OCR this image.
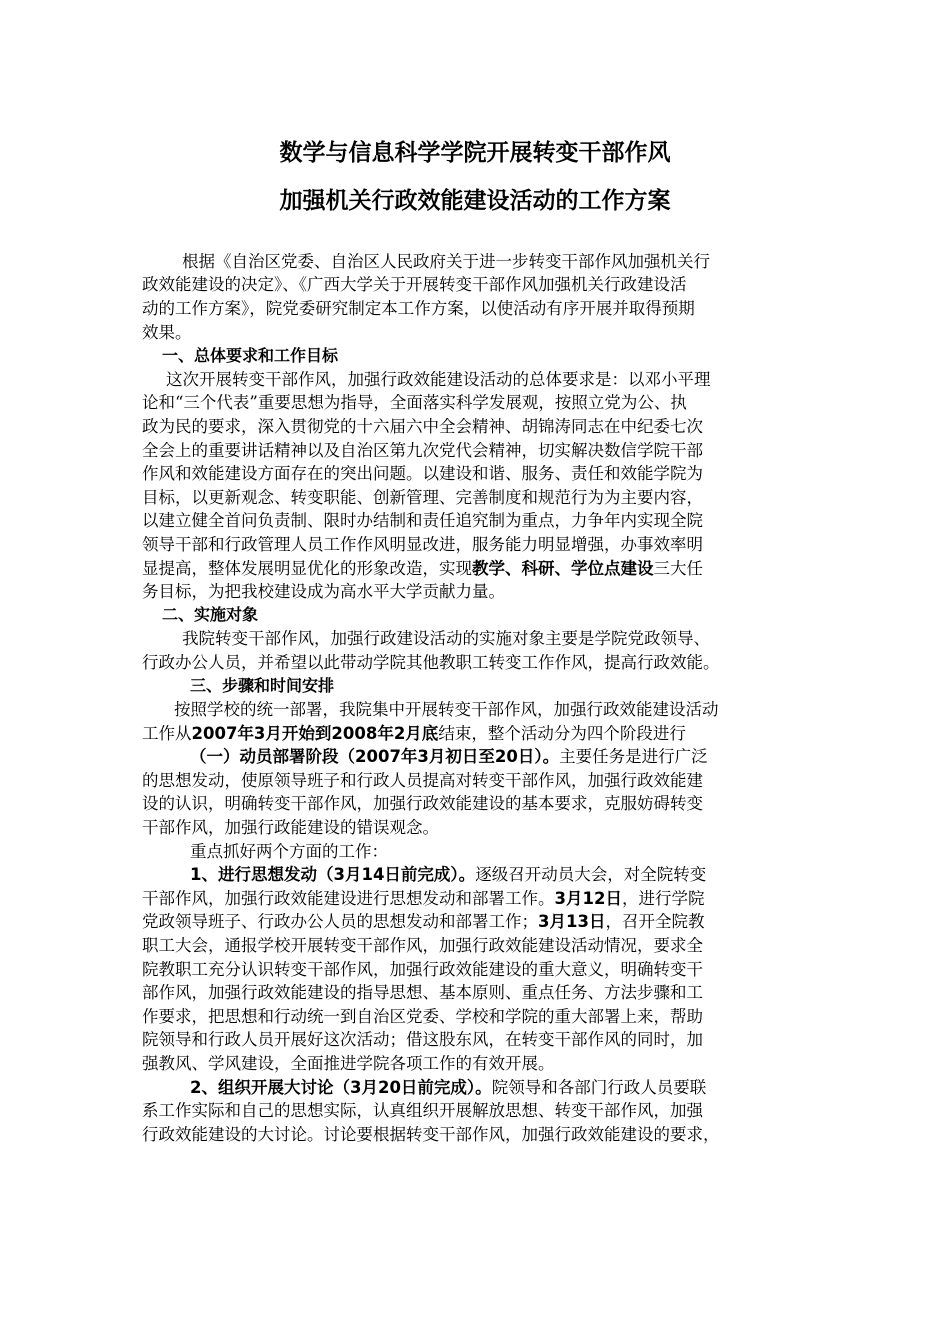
数学与信息科学学院开展转变干部作风
加强机关行政效能建设活动的工作方案
根据《自治区党委、自治区人民政府关于进一步转变干部作风加强机关行
政效能建设的决定》、《广西大学关于开展转变干部作风加强机关行政建设活
动的工作方案》，院党委研究制定本工作方案，以使活动有序开展并取得预期
效果。
一、总体要求和工作目标
这次开展转变干部作风，加强行政效能建设活动的总体要求是：以邓小平理
论和“三个代表”重要思想为指导，全面落实科学发展观，按照立党为公、执
政为民的要求，深入贯彻党的十六届六中全会精神、胡锦涛同志在中纪委七次
全会上的重要讲话精神以及自治区第九次党代会精神，切实解决数信学院干部
作风和效能建设方面存在的突出问题。以建设和谐、服务、责任和效能学院为
目标，以更新观念、转变职能、创新管理、完善制度和规范行为为主要内容，
以建立健全首问负责制、限时办结制和责任追究制为重点，力争年内实现全院
领导干部和行政管理人员工作作风明显改进，服务能力明显增强，办事效率明
显提高，整体发展明显优化的形象改造，实现 教学、科研、学位点建设 三大任
务目标，为把我校建设成为高水平大学贡献力量。
二、实施对象
我院转变干部作风，加强行政建设活动的实施对象主要是学院党政领导、
行政办公人员，并希望以此带动学院其他教职工转变工作作风，提高行政效能。
三、步骤和时间安排
按照学校的统一部署，我院集中开展转变干部作风，加强行政效能建设活动
工作从 2007年3月开始到2008年2月底 结束，整个活动分为四个阶段进行
（一）动员部署阶段（2007年3月初日至20日）。 主要任务是进行广泛
的思想发动，使原领导班子和行政人员提高对转变干部作风，加强行政效能建
设的认识，明确转变干部作风，加强行政效能建设的基本要求，克服妨碍转变
干部作风，加强行政能建设的错误观念。
重点抓好两个方面的工作：
1、进行思想发动（3月14日前完成）。 逐级召开动员大会，对全院转变
干部作风，加强行政效能建设进行思想发动和部署工作。 3月12日 ，进行学院
党政领导班子、行政办公人员的思想发动和部署工作； 3月13日 ，召开全院教
职工大会，通报学校开展转变干部作风，加强行政效能建设活动情况，要求全
院教职工充分认识转变干部作风，加强行政效能建设的重大意义，明确转变干
部作风，加强行政效能建设的指导思想、基本原则、重点任务、方法步骤和工
作要求，把思想和行动统一到自治区党委、学校和学院的重大部署上来，帮助
院领导和行政人员开展好这次活动；借这股东风，在转变干部作风的同时，加
强教风、学风建设，全面推进学院各项工作的有效开展。
2、组织开展大讨论（3月20日前完成）。 院领导和各部门行政人员要联
系工作实际和自己的思想实际，认真组织开展解放思想、转变干部作风，加强
行政效能建设的大讨论。讨论要根据转变干部作风，加强行政效能建设的要求，
